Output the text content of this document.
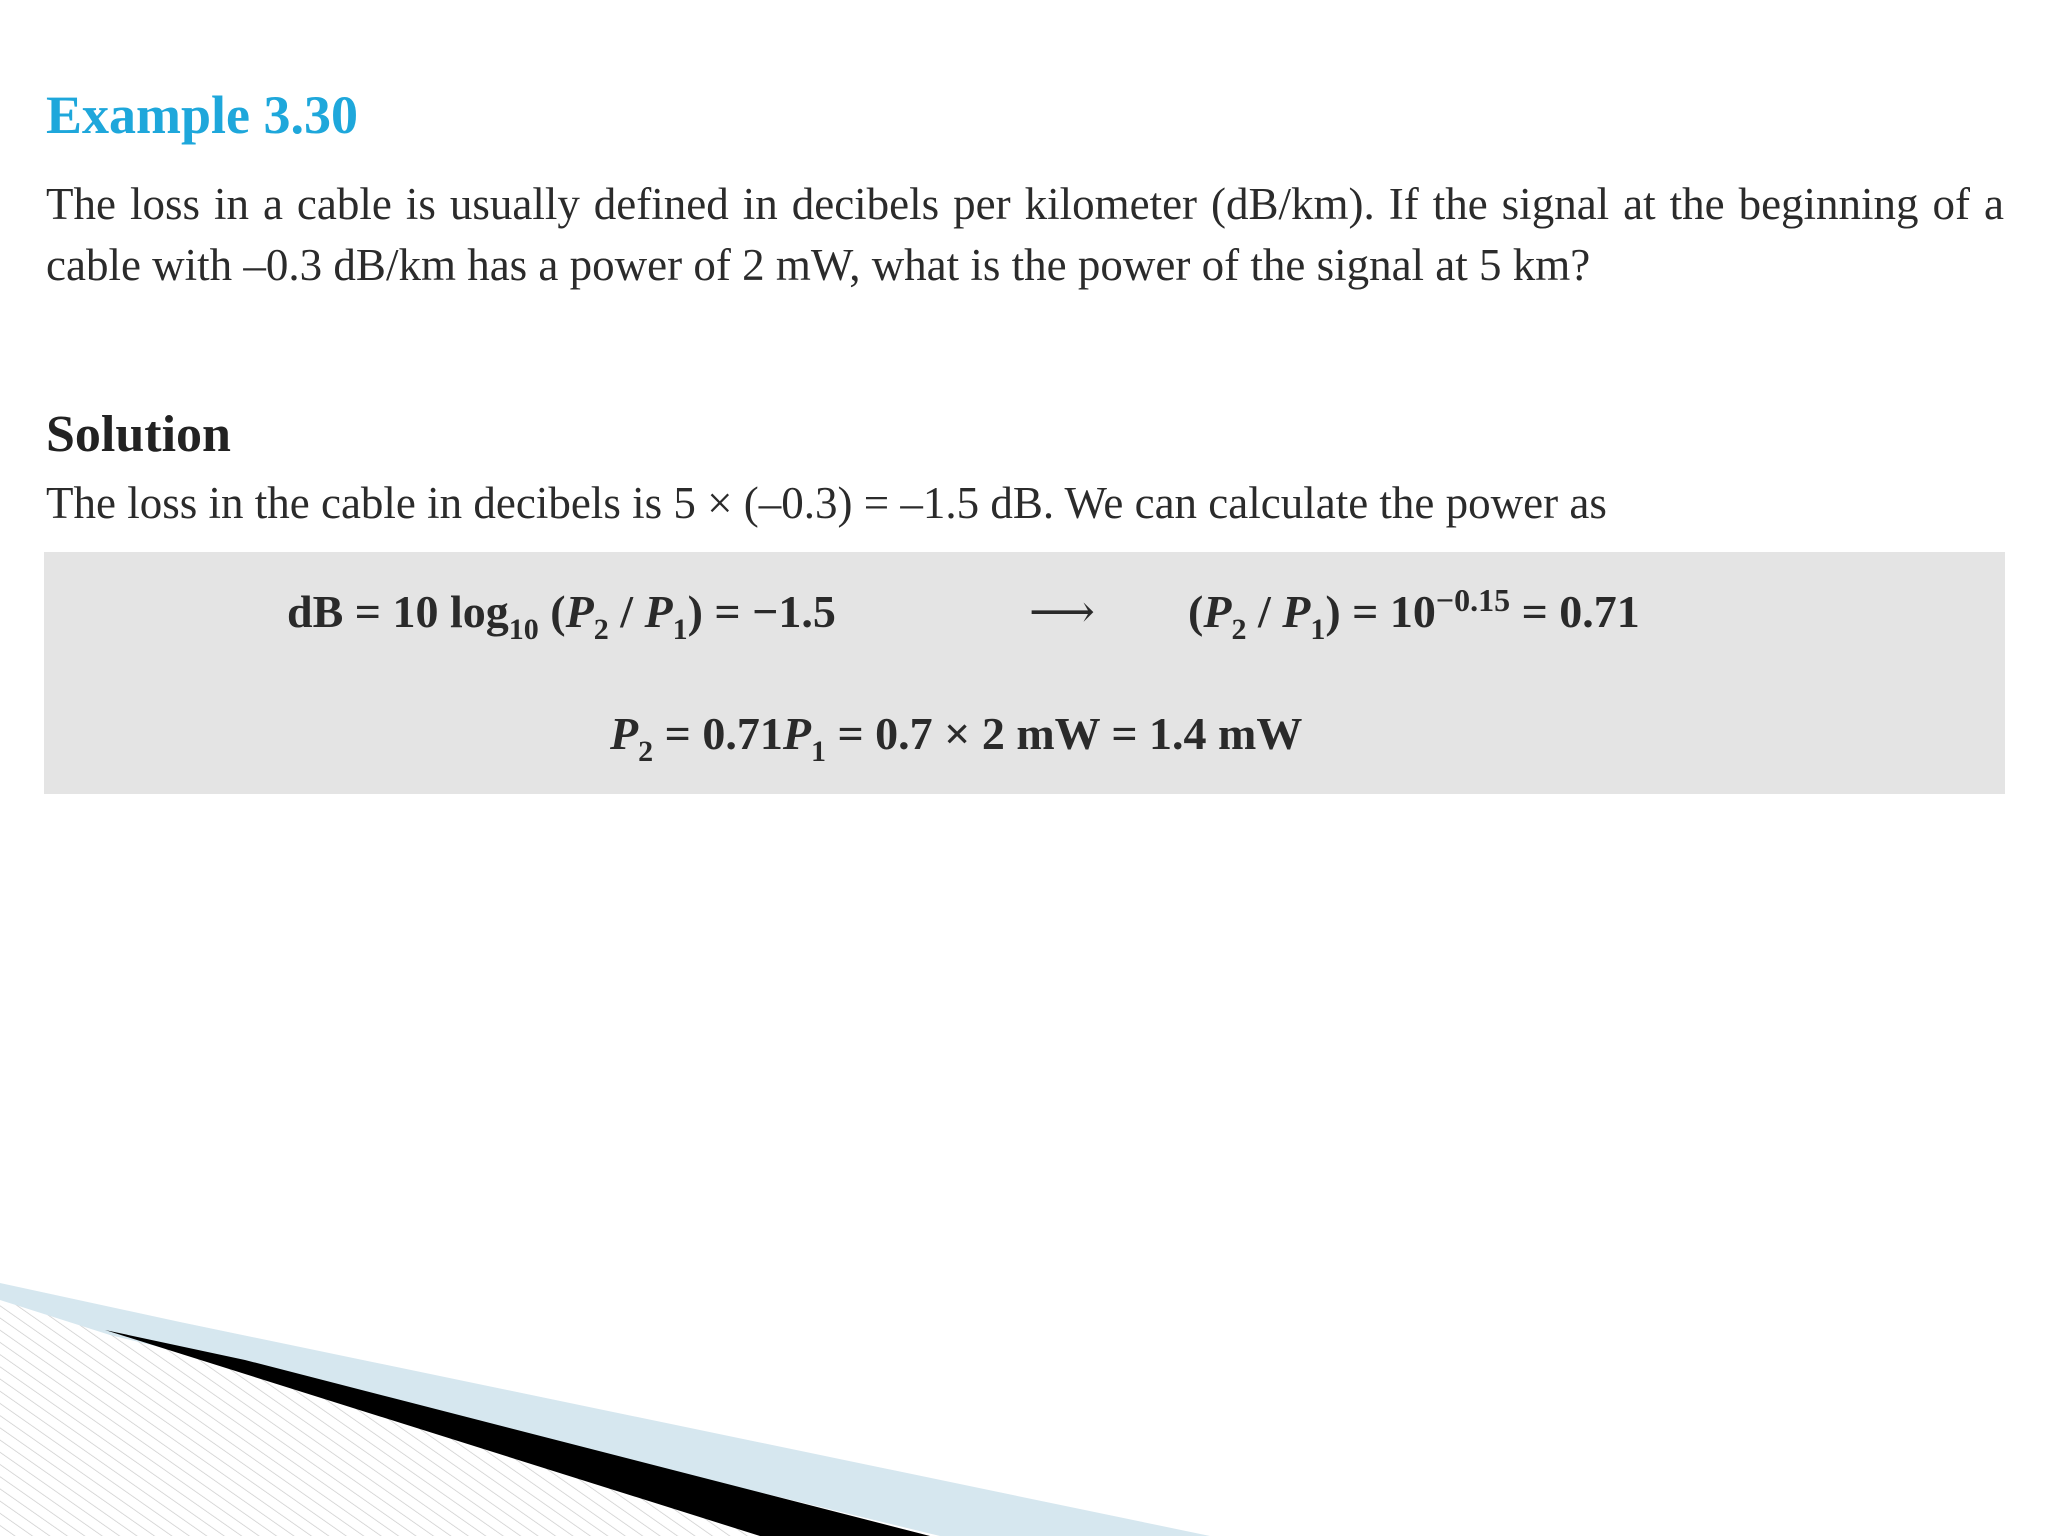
Example 3.30
The loss in a cable is usually defined in decibels per kilometer (dB/km). If the signal at the beginning of a cable with –0.3 dB/km has a power of 2 mW, what is the power of the signal at 5 km?
Solution
The loss in the cable in decibels is 5 × (–0.3) = –1.5 dB. We can calculate the power as
dB = 10 $\log_{10} (P_2 / P_1) = -1.5$	⟶ $(P_2 / P_1) = 10^{-0.15} = 0.71$
$P_2 = 0.71P_1 = 0.7 \times 2$ mW = 1.4 mW
